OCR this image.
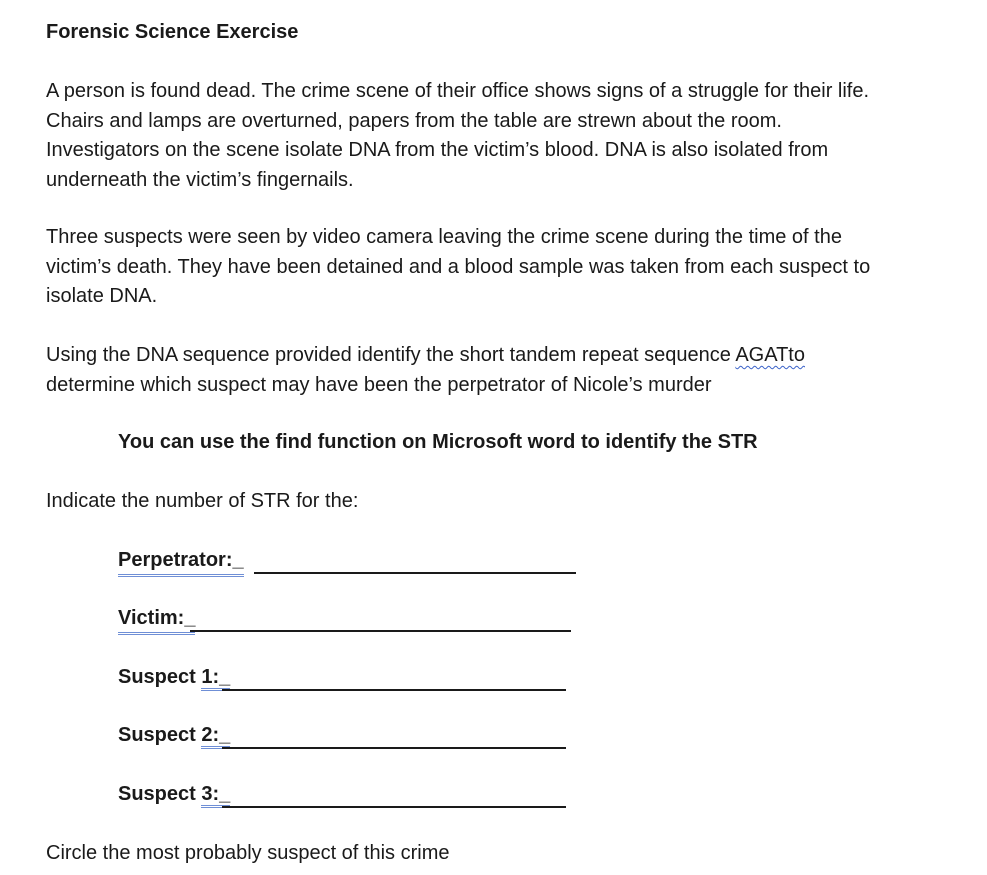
Forensic Science Exercise
A person is found dead. The crime scene of their office shows signs of a struggle for their life.
Chairs and lamps are overturned, papers from the table are strewn about the room.
Investigators on the scene isolate DNA from the victim’s blood. DNA is also isolated from
underneath the victim’s fingernails.
Three suspects were seen by video camera leaving the crime scene during the time of the
victim’s death. They have been detained and a blood sample was taken from each suspect to
isolate DNA.
Using the DNA sequence provided identify the short tandem repeat sequence AGATto
determine which suspect may have been the perpetrator of Nicole’s murder
You can use the find function on Microsoft word to identify the STR
Indicate the number of STR for the:
Perpetrator:_
Victim:_
Suspect 1:_
Suspect 2:_
Suspect 3:_
Circle the most probably suspect of this crime
